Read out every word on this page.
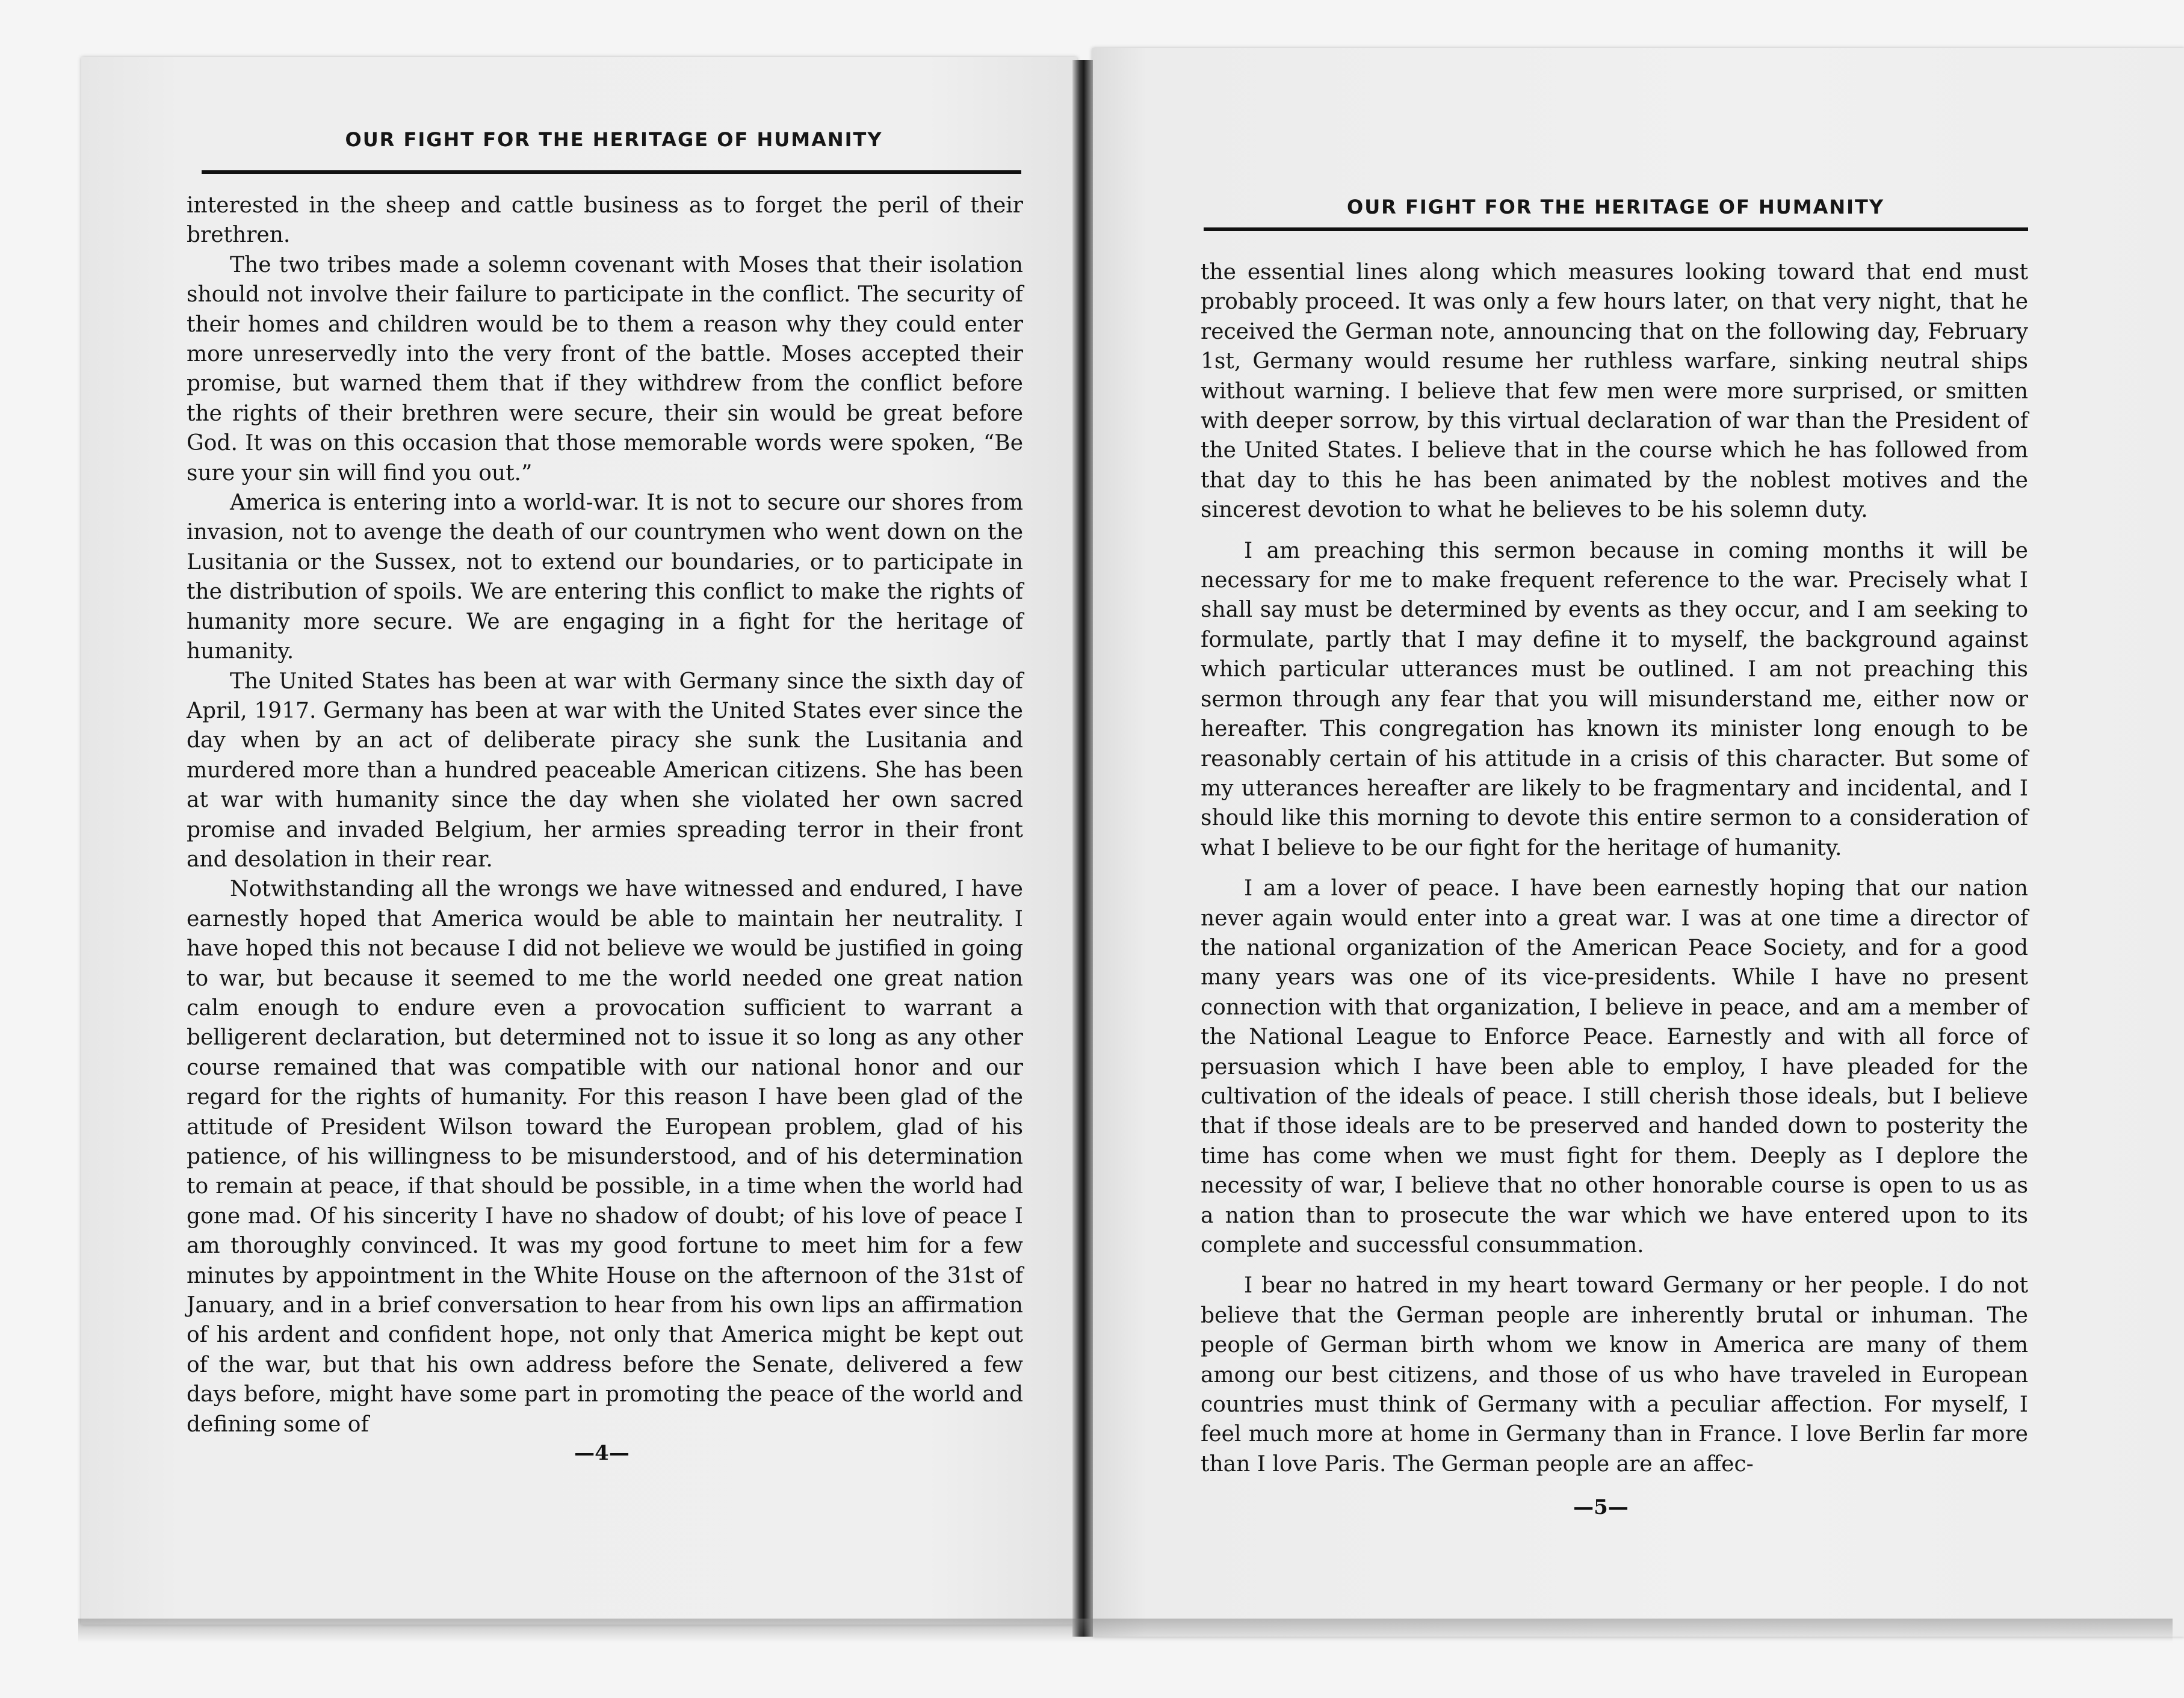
OUR FIGHT FOR THE HERITAGE OF HUMANITY

interested in the sheep and cattle business as to forget the peril of their brethren.

The two tribes made a solemn covenant with Moses that their isolation should not involve their failure to participate in the conflict. The security of their homes and children would be to them a reason why they could enter more unreservedly into the very front of the battle. Moses accepted their promise, but warned them that if they withdrew from the conflict before the rights of their brethren were secure, their sin would be great before God. It was on this occasion that those memorable words were spoken, “Be sure your sin will find you out.”

America is entering into a world-war. It is not to secure our shores from invasion, not to avenge the death of our countrymen who went down on the Lusitania or the Sussex, not to extend our boundaries, or to participate in the distribution of spoils. We are entering this conflict to make the rights of humanity more secure. We are engaging in a fight for the heritage of humanity.

The United States has been at war with Germany since the sixth day of April, 1917. Germany has been at war with the United States ever since the day when by an act of deliberate piracy she sunk the Lusitania and murdered more than a hundred peaceable American citizens. She has been at war with humanity since the day when she violated her own sacred promise and invaded Belgium, her armies spreading terror in their front and desolation in their rear.

Notwithstanding all the wrongs we have witnessed and endured, I have earnestly hoped that America would be able to maintain her neutrality. I have hoped this not because I did not believe we would be justified in going to war, but because it seemed to me the world needed one great nation calm enough to endure even a provocation sufficient to warrant a belligerent declaration, but determined not to issue it so long as any other course remained that was compatible with our national honor and our regard for the rights of humanity. For this reason I have been glad of the attitude of President Wilson toward the European problem, glad of his patience, of his willingness to be misunderstood, and of his determination to remain at peace, if that should be possible, in a time when the world had gone mad. Of his sincerity I have no shadow of doubt; of his love of peace I am thoroughly convinced. It was my good fortune to meet him for a few minutes by appointment in the White House on the afternoon of the 31st of January, and in a brief conversation to hear from his own lips an affirmation of his ardent and confident hope, not only that America might be kept out of the war, but that his own address before the Senate, delivered a few days before, might have some part in promoting the peace of the world and defining some of

—4—
OUR FIGHT FOR THE HERITAGE OF HUMANITY

the essential lines along which measures looking toward that end must probably proceed. It was only a few hours later, on that very night, that he received the German note, announcing that on the following day, February 1st, Germany would resume her ruthless warfare, sinking neutral ships without warning. I believe that few men were more surprised, or smitten with deeper sorrow, by this virtual declaration of war than the President of the United States. I believe that in the course which he has followed from that day to this he has been animated by the noblest motives and the sincerest devotion to what he believes to be his solemn duty.

I am preaching this sermon because in coming months it will be necessary for me to make frequent reference to the war. Precisely what I shall say must be determined by events as they occur, and I am seeking to formulate, partly that I may define it to myself, the background against which particular utterances must be outlined. I am not preaching this sermon through any fear that you will misunderstand me, either now or hereafter. This congregation has known its minister long enough to be reasonably certain of his attitude in a crisis of this character. But some of my utterances hereafter are likely to be fragmentary and incidental, and I should like this morning to devote this entire sermon to a consideration of what I believe to be our fight for the heritage of humanity.

I am a lover of peace. I have been earnestly hoping that our nation never again would enter into a great war. I was at one time a director of the national organization of the American Peace Society, and for a good many years was one of its vice-presidents. While I have no present connection with that organization, I believe in peace, and am a member of the National League to Enforce Peace. Earnestly and with all force of persuasion which I have been able to employ, I have pleaded for the cultivation of the ideals of peace. I still cherish those ideals, but I believe that if those ideals are to be preserved and handed down to posterity the time has come when we must fight for them. Deeply as I deplore the necessity of war, I believe that no other honorable course is open to us as a nation than to prosecute the war which we have entered upon to its complete and successful consummation.

I bear no hatred in my heart toward Germany or her people. I do not believe that the German people are inherently brutal or inhuman. The people of German birth whom we know in America are many of them among our best citizens, and those of us who have traveled in European countries must think of Germany with a peculiar affection. For myself, I feel much more at home in Germany than in France. I love Berlin far more than I love Paris. The German people are an affec-

—5—
